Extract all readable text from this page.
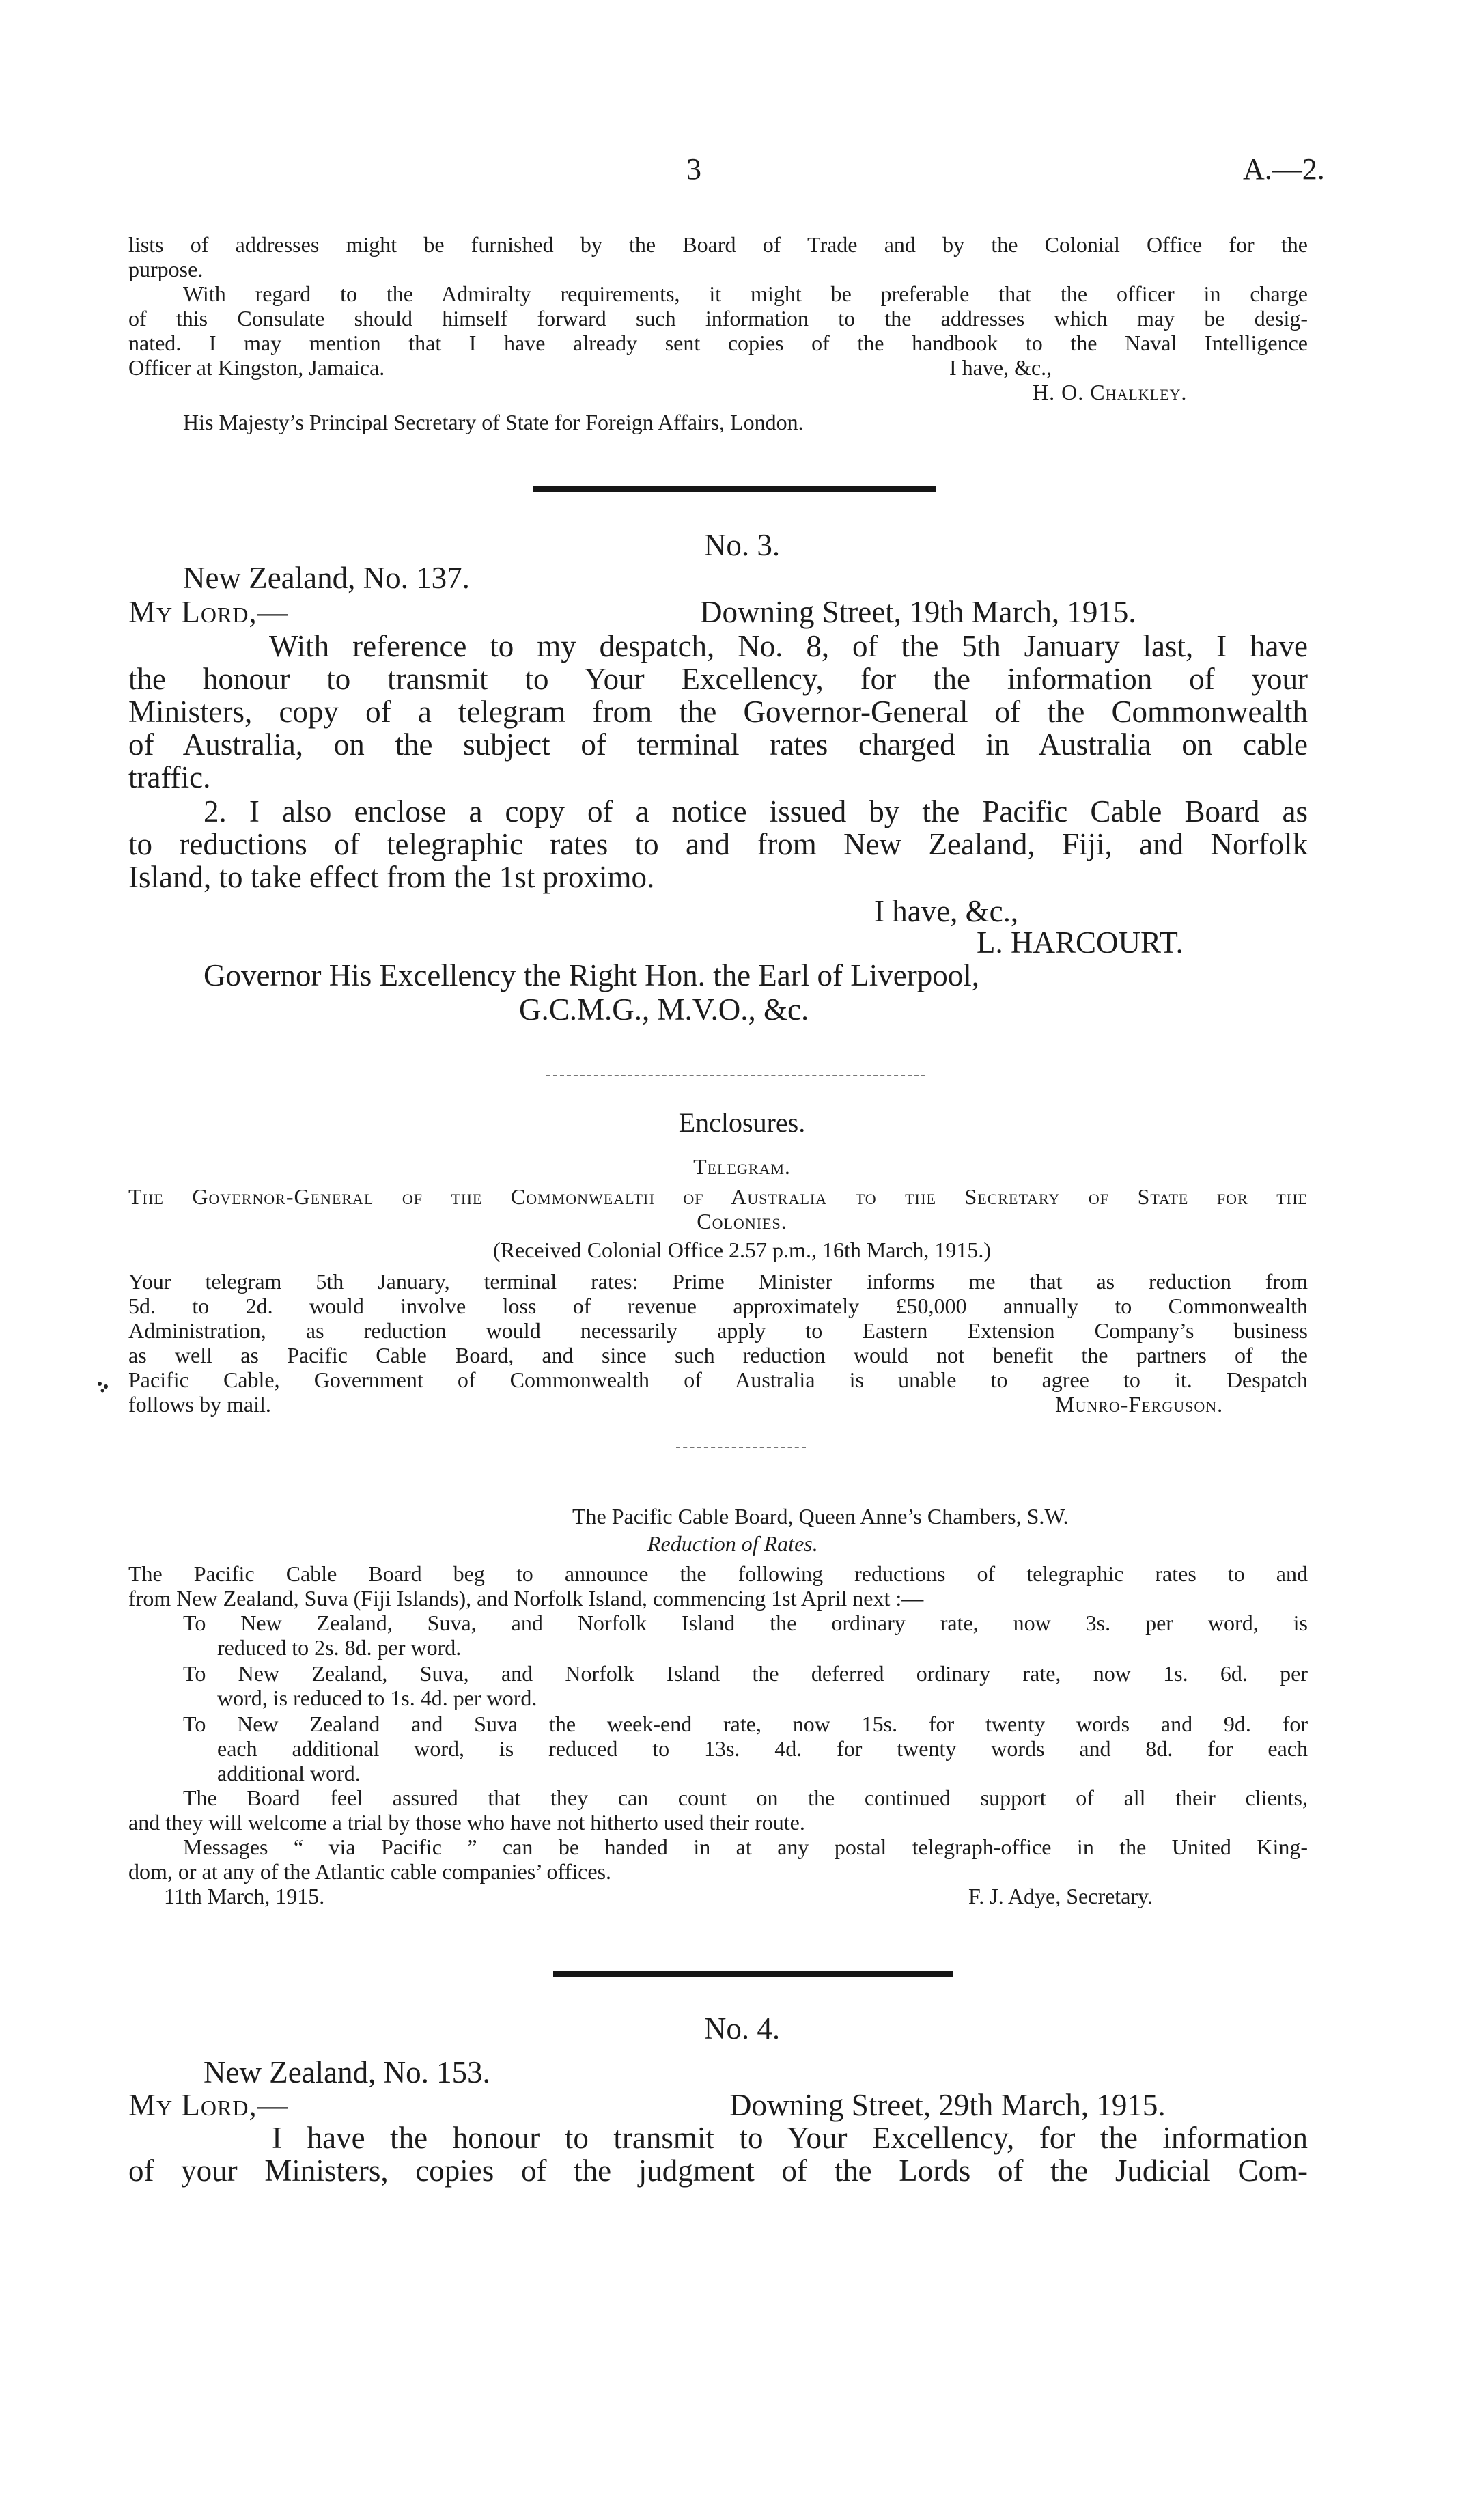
3	A.—2.
lists of addresses might be furnished by the Board of Trade and by the Colonial Office for the
purpose.
With regard to the Admiralty requirements, it might be preferable that the officer in charge
of this Consulate should himself forward such information to the addresses which may be desig-
nated. I may mention that I have already sent copies of the handbook to the Naval Intelligence
Officer at Kingston, Jamaica.	I have, &c.,
H. O. Chalkley.
His Majesty’s Principal Secretary of State for Foreign Affairs, London.
No. 3.
New Zealand, No. 137.
My Lord,—	Downing Street, 19th March, 1915.
With reference to my despatch, No. 8, of the 5th January last, I have
the honour to transmit to Your Excellency, for the information of your
Ministers, copy of a telegram from the Governor-General of the Commonwealth
of Australia, on the subject of terminal rates charged in Australia on cable
traffic.
2. I also enclose a copy of a notice issued by the Pacific Cable Board as
to reductions of telegraphic rates to and from New Zealand, Fiji, and Norfolk
Island, to take effect from the 1st proximo.
I have, &c.,
L. HARCOURT.
Governor His Excellency the Right Hon. the Earl of Liverpool,
G.C.M.G., M.V.O., &c.
Enclosures.
Telegram.
The Governor-General of the Commonwealth of Australia to the Secretary of State for the
Colonies.
(Received Colonial Office 2.57 p.m., 16th March, 1915.)
Your telegram 5th January, terminal rates: Prime Minister informs me that as reduction from
5d. to 2d. would involve loss of revenue approximately £50,000 annually to Commonwealth
Administration, as reduction would necessarily apply to Eastern Extension Company’s business
as well as Pacific Cable Board, and since such reduction would not benefit the partners of the
Pacific Cable, Government of Commonwealth of Australia is unable to agree to it. Despatch
follows by mail.	Munro-Ferguson.
The Pacific Cable Board, Queen Anne’s Chambers, S.W.
Reduction of Rates.
The Pacific Cable Board beg to announce the following reductions of telegraphic rates to and
from New Zealand, Suva (Fiji Islands), and Norfolk Island, commencing 1st April next :—
To New Zealand, Suva, and Norfolk Island the ordinary rate, now 3s. per word, is
reduced to 2s. 8d. per word.
To New Zealand, Suva, and Norfolk Island the deferred ordinary rate, now 1s. 6d. per
word, is reduced to 1s. 4d. per word.
To New Zealand and Suva the week-end rate, now 15s. for twenty words and 9d. for
each additional word, is reduced to 13s. 4d. for twenty words and 8d. for each
additional word.
The Board feel assured that they can count on the continued support of all their clients,
and they will welcome a trial by those who have not hitherto used their route.
Messages “ via Pacific ” can be handed in at any postal telegraph-office in the United King-
dom, or at any of the Atlantic cable companies’ offices.
11th March, 1915.	F. J. Adye, Secretary.
No. 4.
New Zealand, No. 153.
My Lord,—	Downing Street, 29th March, 1915.
I have the honour to transmit to Your Excellency, for the information
of your Ministers, copies of the judgment of the Lords of the Judicial Com-
